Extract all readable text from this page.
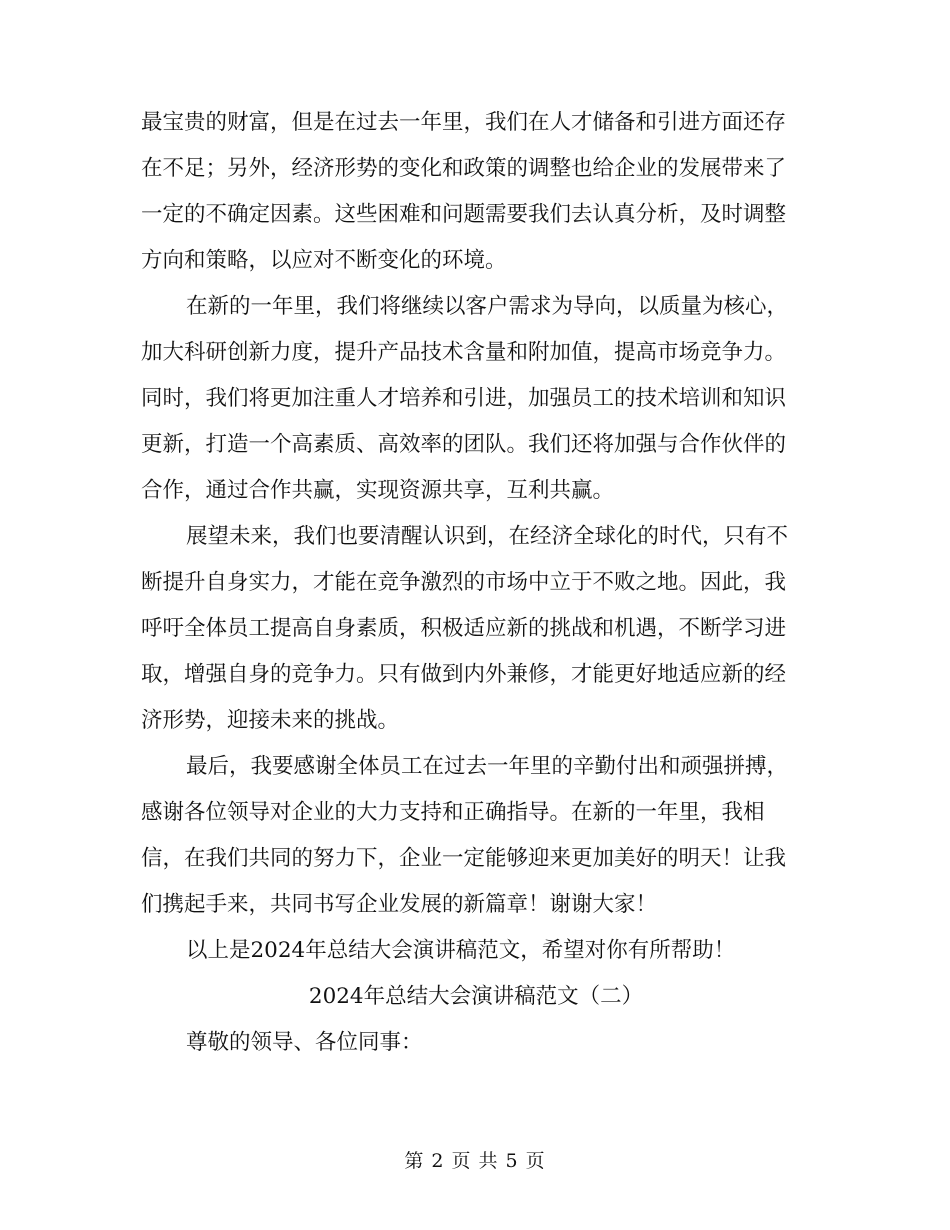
最宝贵的财富，但是在过去一年里，我们在人才储备和引进方面还存
在不足；另外，经济形势的变化和政策的调整也给企业的发展带来了
一定的不确定因素。这些困难和问题需要我们去认真分析，及时调整
方向和策略，以应对不断变化的环境。
在新的一年里，我们将继续以客户需求为导向，以质量为核心，
加大科研创新力度，提升产品技术含量和附加值，提高市场竞争力。
同时，我们将更加注重人才培养和引进，加强员工的技术培训和知识
更新，打造一个高素质、高效率的团队。我们还将加强与合作伙伴的
合作，通过合作共赢，实现资源共享，互利共赢。
展望未来，我们也要清醒认识到，在经济全球化的时代，只有不
断提升自身实力，才能在竞争激烈的市场中立于不败之地。因此，我
呼吁全体员工提高自身素质，积极适应新的挑战和机遇，不断学习进
取，增强自身的竞争力。只有做到内外兼修，才能更好地适应新的经
济形势，迎接未来的挑战。
最后，我要感谢全体员工在过去一年里的辛勤付出和顽强拼搏，
感谢各位领导对企业的大力支持和正确指导。在新的一年里，我相
信，在我们共同的努力下，企业一定能够迎来更加美好的明天！让我
们携起手来，共同书写企业发展的新篇章！谢谢大家！
以上是2024年总结大会演讲稿范文，希望对你有所帮助！
2024年总结大会演讲稿范文（二）
尊敬的领导、各位同事：
第 2 页 共 5 页
